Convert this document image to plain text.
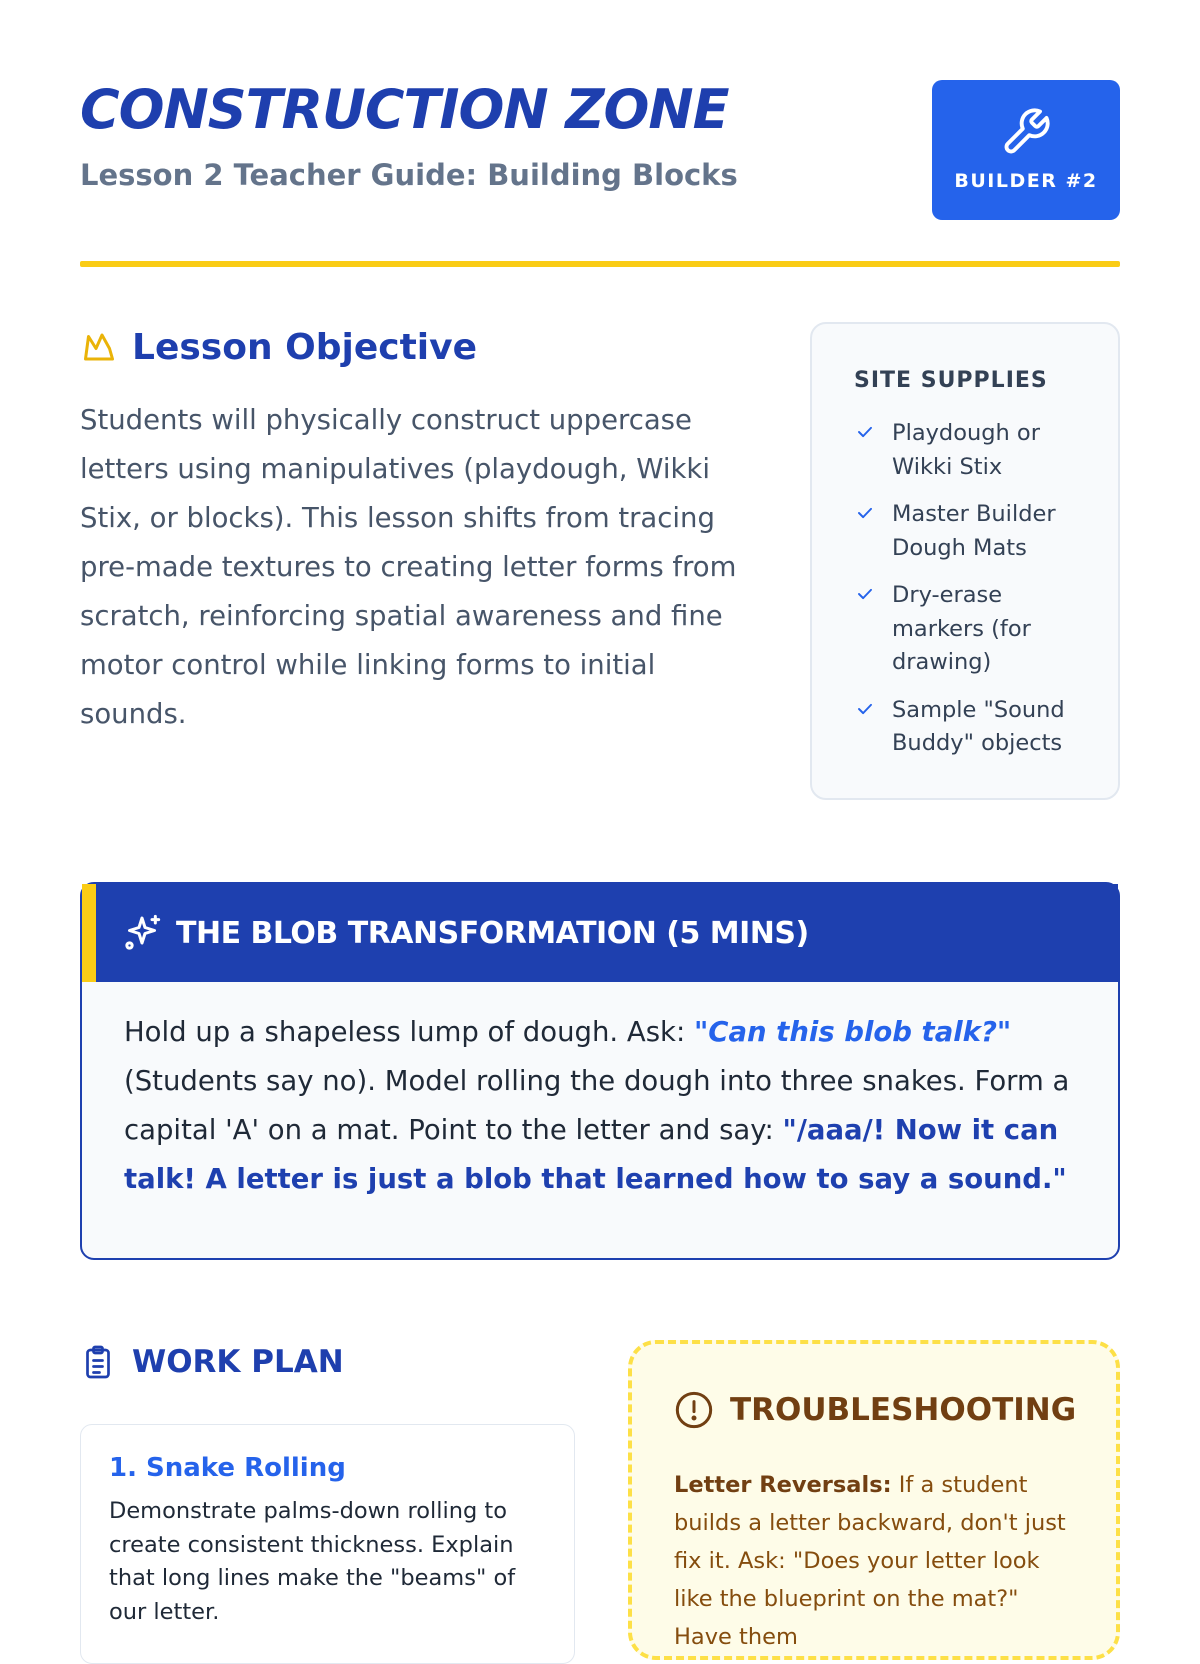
CONSTRUCTION ZONE
Lesson 2 Teacher Guide: Building Blocks	BUILDER #2
Lesson Objective

Students will physically construct uppercase letters using manipulatives (playdough, Wikki Stix, or blocks). This lesson shifts from tracing pre-made textures to creating letter forms from scratch, reinforcing spatial awareness and fine motor control while linking forms to initial sounds.

SITE SUPPLIES
Playdough or Wikki Stix
Master Builder Dough Mats
Dry-erase markers (for drawing)
Sample "Sound Buddy" objects
THE BLOB TRANSFORMATION (5 MINS)

Hold up a shapeless lump of dough. Ask: "Can this blob talk?" (Students say no). Model rolling the dough into three snakes. Form a capital 'A' on a mat. Point to the letter and say: "/aaa/! Now it can talk! A letter is just a blob that learned how to say a sound."

WORK PLAN
1. Snake Rolling
Demonstrate palms-down rolling to create consistent thickness. Explain that long lines make the "beams" of our letter.
TROUBLESHOOTING

Letter Reversals: If a student builds a letter backward, don't just fix it. Ask: "Does your letter look like the blueprint on the mat?" Have them
